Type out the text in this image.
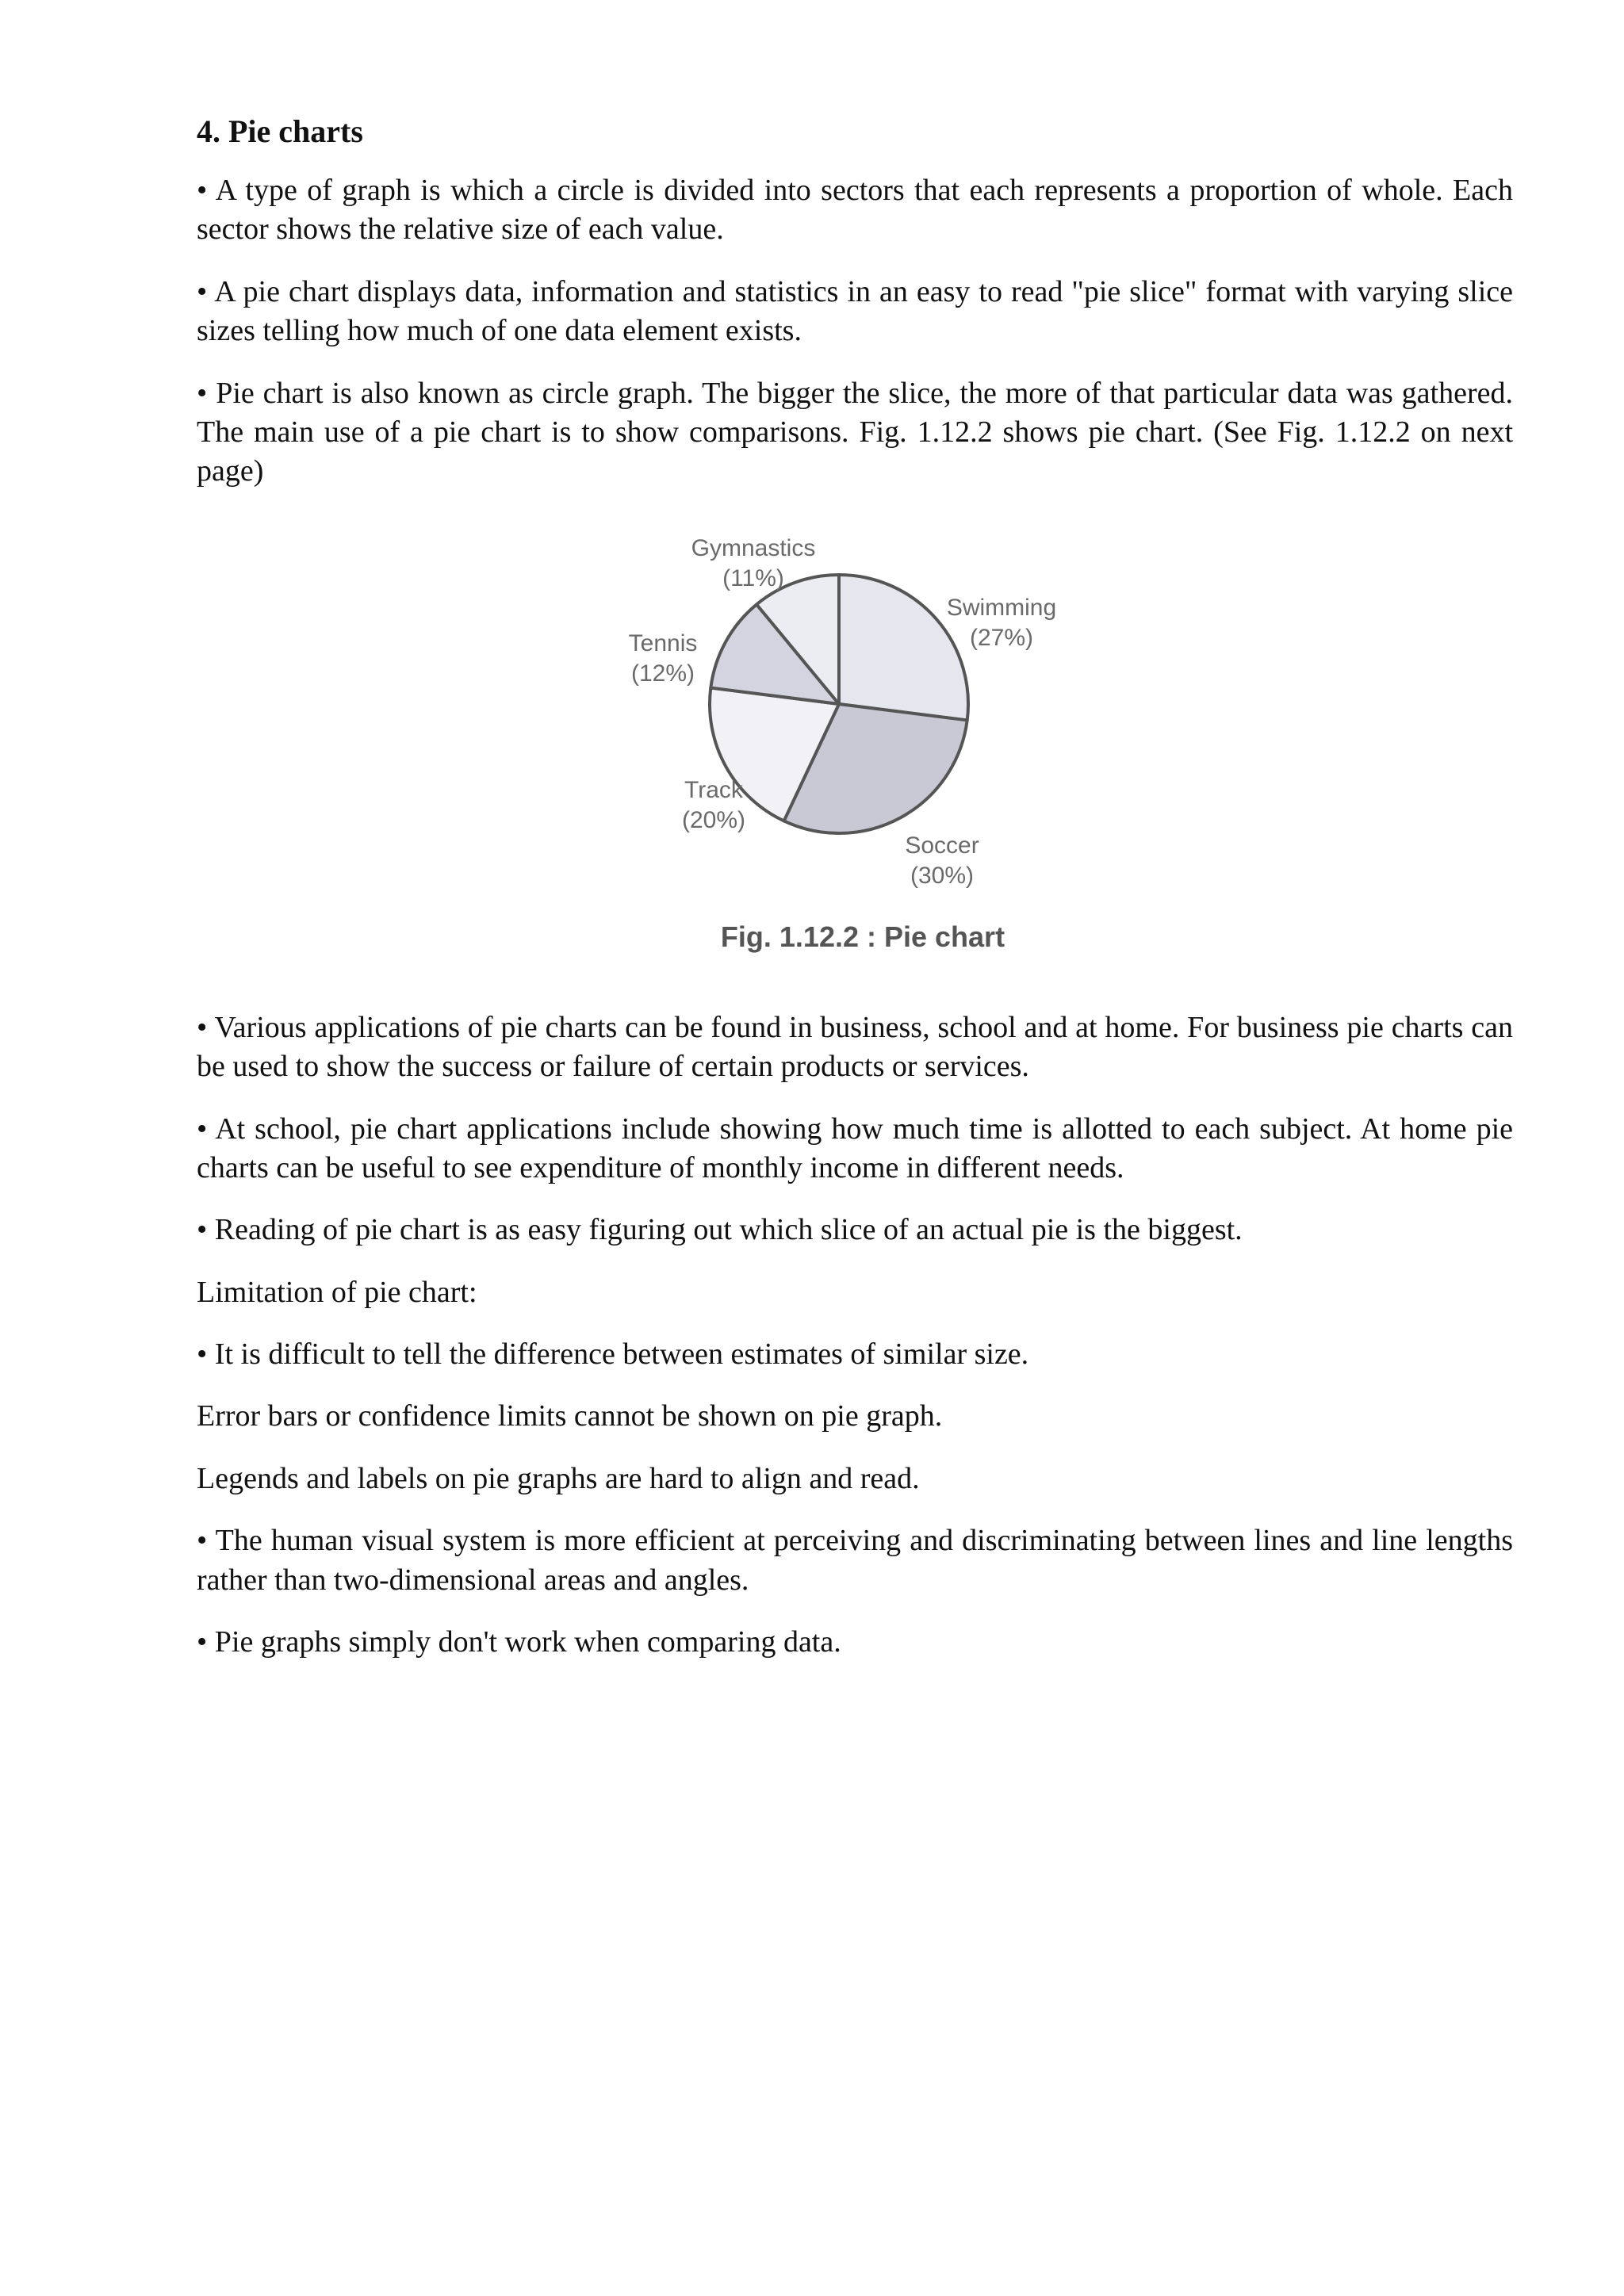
4. Pie charts

• A type of graph is which a circle is divided into sectors that each represents a proportion of whole. Each sector shows the relative size of each value.

• A pie chart displays data, information and statistics in an easy to read "pie slice" format with varying slice sizes telling how much of one data element exists.

• Pie chart is also known as circle graph. The bigger the slice, the more of that particular data was gathered. The main use of a pie chart is to show comparisons. Fig. 1.12.2 shows pie chart. (See Fig. 1.12.2 on next page)

Swimming
(27%)
Soccer
(30%)
Track
(20%)
Tennis
(12%)
Gymnastics
(11%)
Fig. 1.12.2 : Pie chart

• Various applications of pie charts can be found in business, school and at home. For business pie charts can be used to show the success or failure of certain products or services.

• At school, pie chart applications include showing how much time is allotted to each subject. At home pie charts can be useful to see expenditure of monthly income in different needs.

• Reading of pie chart is as easy figuring out which slice of an actual pie is the biggest.

Limitation of pie chart:

• It is difficult to tell the difference between estimates of similar size.

Error bars or confidence limits cannot be shown on pie graph.

Legends and labels on pie graphs are hard to align and read.

• The human visual system is more efficient at perceiving and discriminating between lines and line lengths rather than two-dimensional areas and angles.

• Pie graphs simply don't work when comparing data.
